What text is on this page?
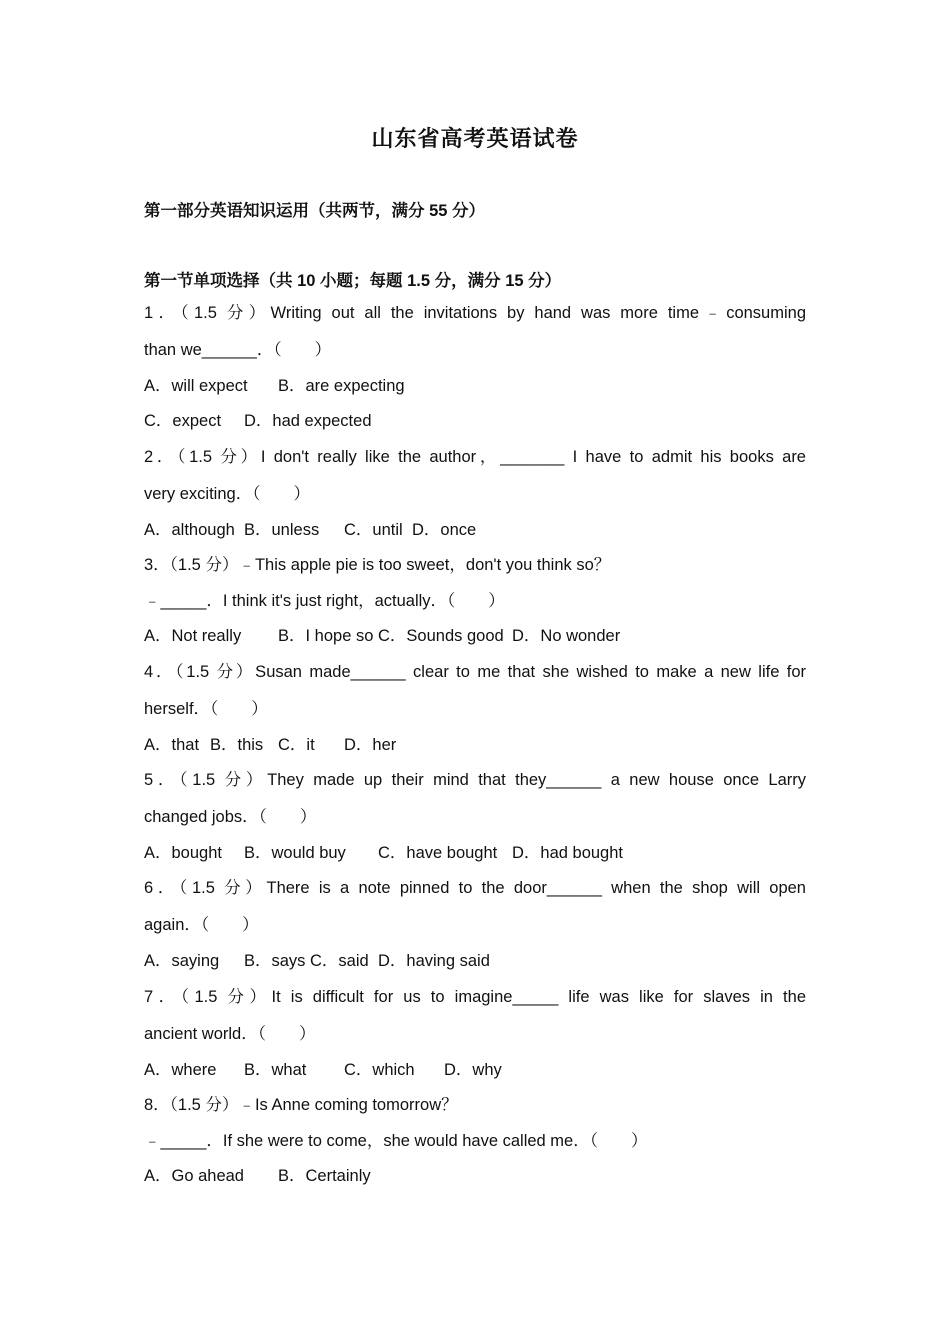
山东省高考英语试卷
第一部分英语知识运用（共两节，满分 55 分）
第一节单项选择（共 10 小题；每题 1.5 分，满分 15 分）
1．（1.5 分）Writing out all the invitations by hand was more time﹣consuming
than we______．（　　）
A．will expect B．are expecting
C．expect D．had expected
2．（1.5 分）I don't really like the author，_______ I have to admit his books are
very exciting．（　　）
A．although B．unless C．until D．once
3．（1.5 分）﹣This apple pie is too sweet，don't you think so？
﹣_____．I think it's just right，actually．（　　）
A．Not really B．I hope so C．Sounds good D．No wonder
4．（1.5 分）Susan made______ clear to me that she wished to make a new life for
herself．（　　）
A．that B．this C．it D．her
5．（1.5 分）They made up their mind that they______ a new house once Larry
changed jobs．（　　）
A．bought B．would buy C．have bought D．had bought
6．（1.5 分）There is a note pinned to the door______ when the shop will open
again．（　　）
A．saying B．says C．said D．having said
7．（1.5 分）It is difficult for us to imagine_____ life was like for slaves in the
ancient world．（　　）
A．where B．what C．which D．why
8．（1.5 分）﹣Is Anne coming tomorrow？
﹣_____．If she were to come，she would have called me．（　　）
A．Go ahead B．Certainly
